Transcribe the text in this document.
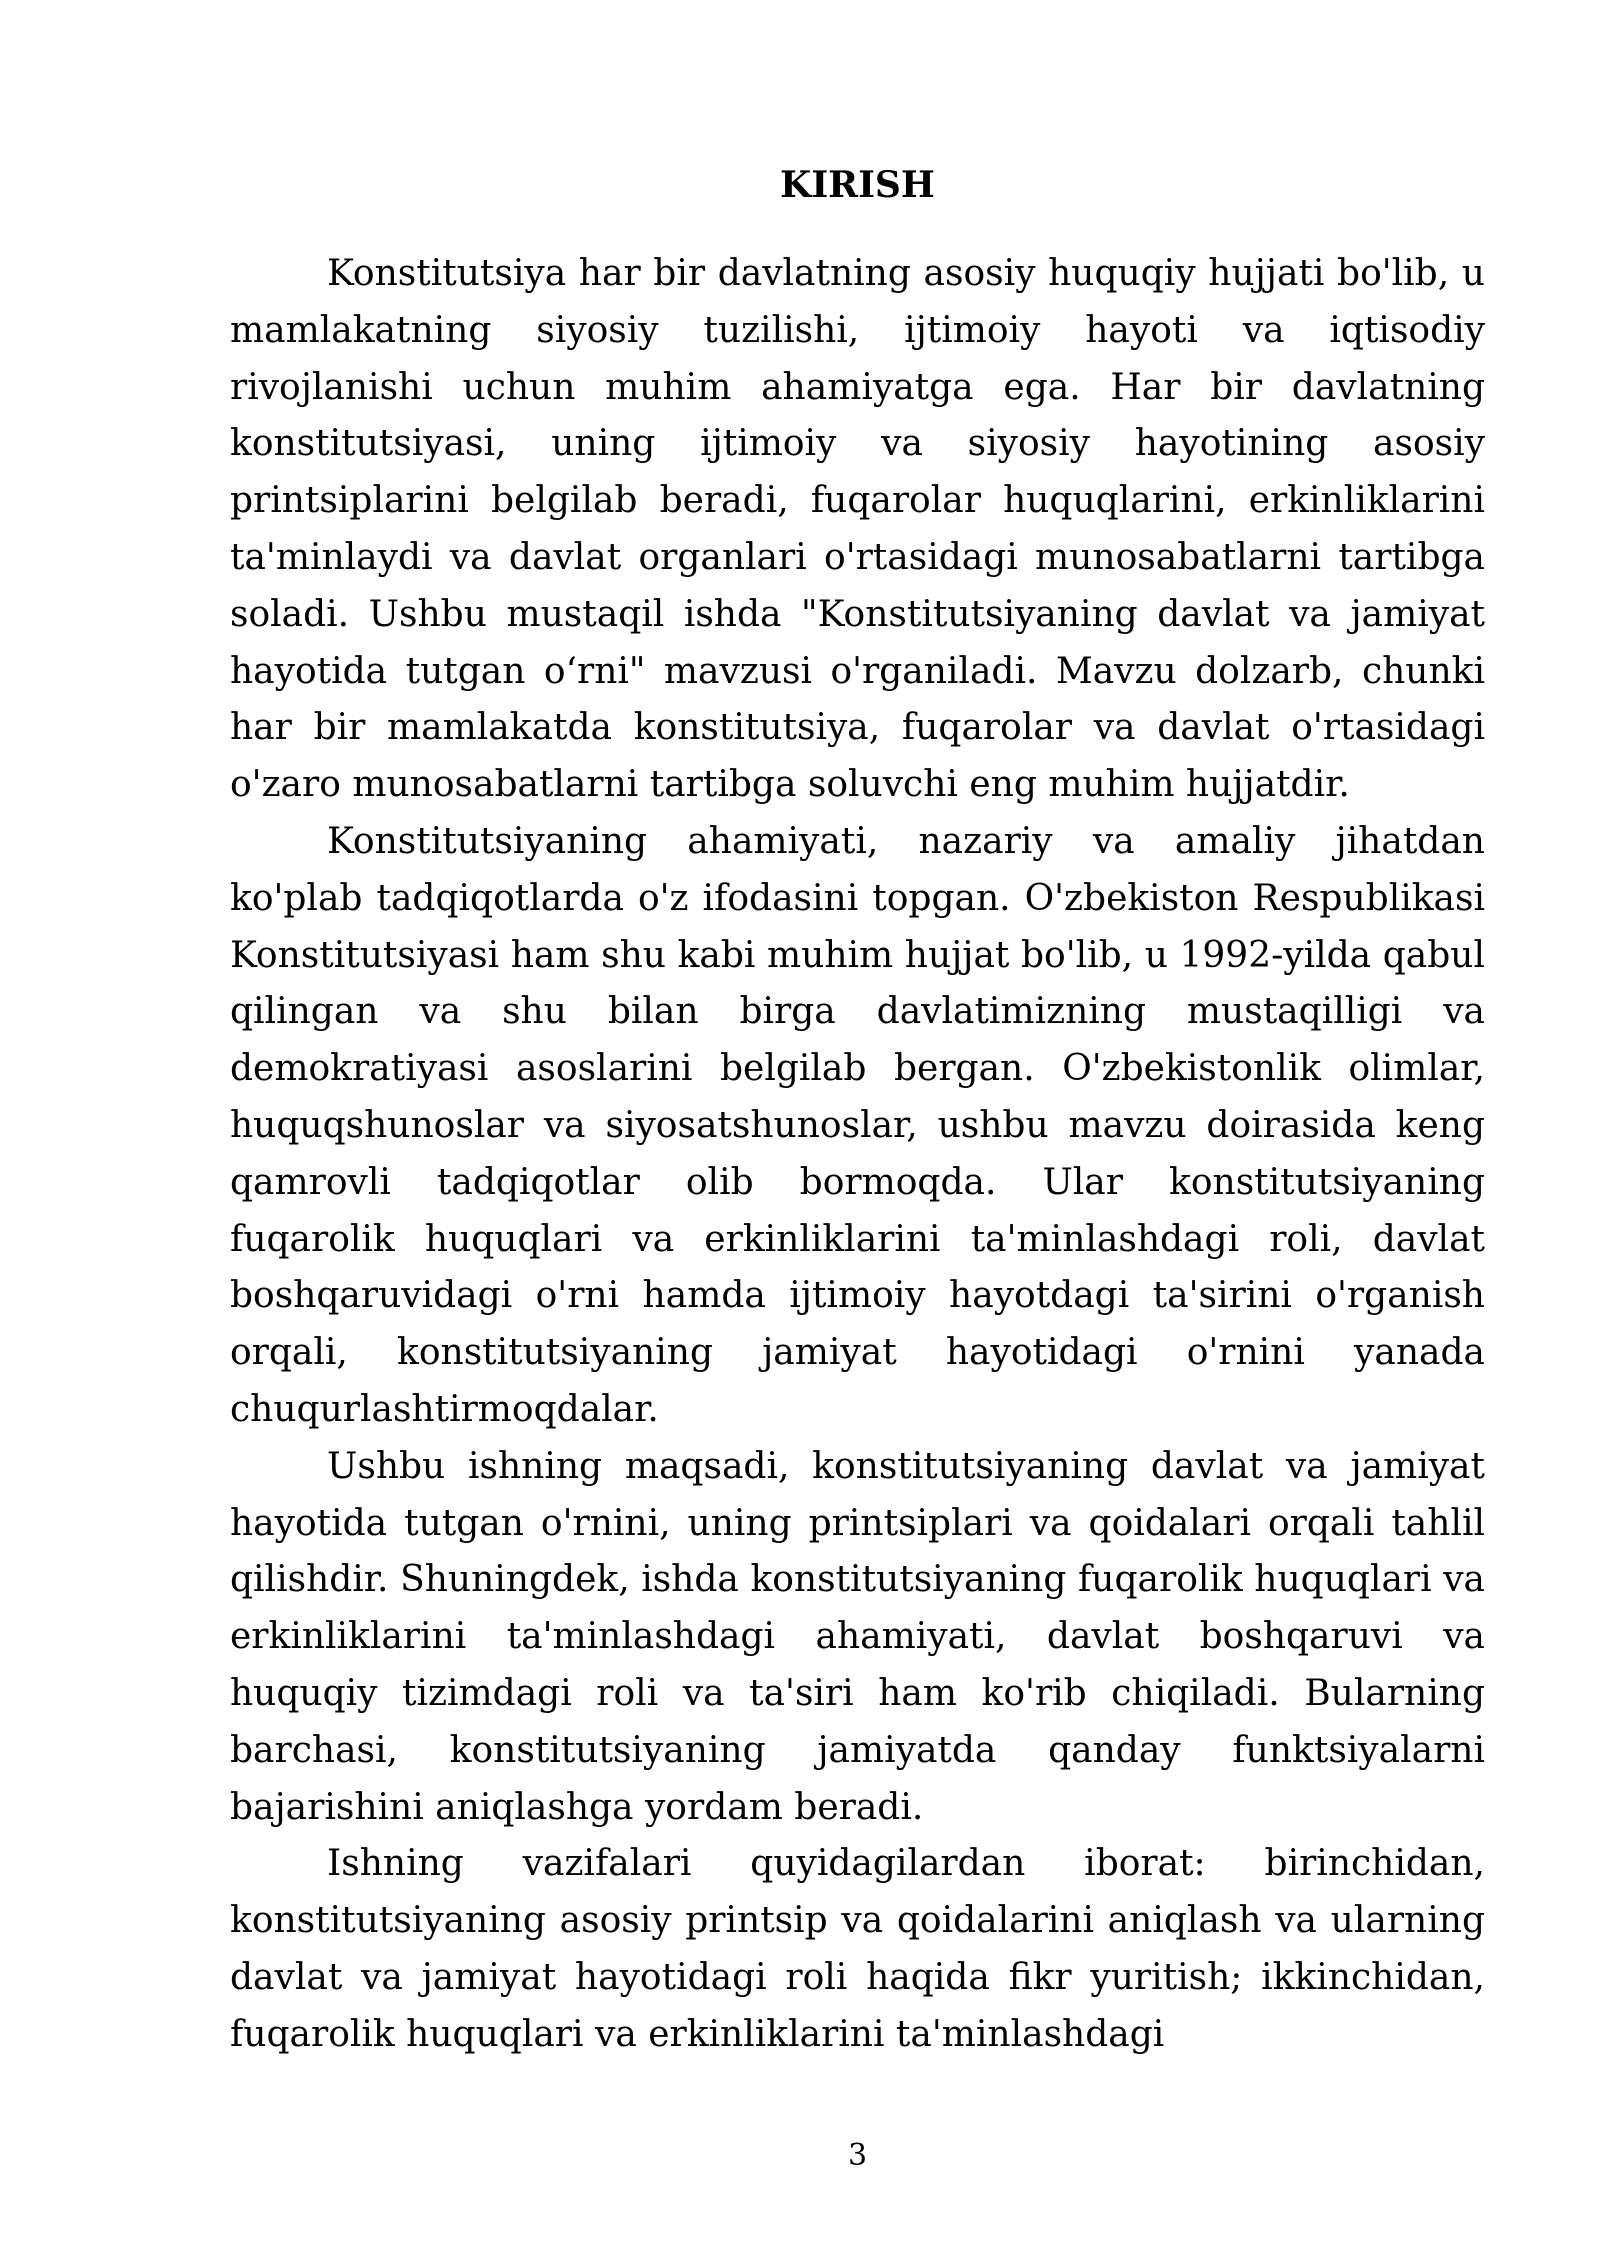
KIRISH

Konstitutsiya har bir davlatning asosiy huquqiy hujjati bo'lib, u mamlakatning siyosiy tuzilishi, ijtimoiy hayoti va iqtisodiy rivojlanishi uchun muhim ahamiyatga ega. Har bir davlatning konstitutsiyasi, uning ijtimoiy va siyosiy hayotining asosiy printsiplarini belgilab beradi, fuqarolar huquqlarini, erkinliklarini ta'minlaydi va davlat organlari o'rtasidagi munosabatlarni tartibga soladi. Ushbu mustaqil ishda "Konstitutsiyaning davlat va jamiyat hayotida tutgan o‘rni" mavzusi o'rganiladi. Mavzu dolzarb, chunki har bir mamlakatda konstitutsiya, fuqarolar va davlat o'rtasidagi o'zaro munosabatlarni tartibga soluvchi eng muhim hujjatdir.

Konstitutsiyaning ahamiyati, nazariy va amaliy jihatdan ko'plab tadqiqotlarda o'z ifodasini topgan. O'zbekiston Respublikasi Konstitutsiyasi ham shu kabi muhim hujjat bo'lib, u 1992-yilda qabul qilingan va shu bilan birga davlatimizning mustaqilligi va demokratiyasi asoslarini belgilab bergan. O'zbekistonlik olimlar, huquqshunoslar va siyosatshunoslar, ushbu mavzu doirasida keng qamrovli tadqiqotlar olib bormoqda. Ular konstitutsiyaning fuqarolik huquqlari va erkinliklarini ta'minlashdagi roli, davlat boshqaruvidagi o'rni hamda ijtimoiy hayotdagi ta'sirini o'rganish orqali, konstitutsiyaning jamiyat hayotidagi o'rnini yanada chuqurlashtirmoqdalar.

Ushbu ishning maqsadi, konstitutsiyaning davlat va jamiyat hayotida tutgan o'rnini, uning printsiplari va qoidalari orqali tahlil qilishdir. Shuningdek, ishda konstitutsiyaning fuqarolik huquqlari va erkinliklarini ta'minlashdagi ahamiyati, davlat boshqaruvi va huquqiy tizimdagi roli va ta'siri ham ko'rib chiqiladi. Bularning barchasi, konstitutsiyaning jamiyatda qanday funktsiyalarni bajarishini aniqlashga yordam beradi.

Ishning vazifalari quyidagilardan iborat: birinchidan, konstitutsiyaning asosiy printsip va qoidalarini aniqlash va ularning davlat va jamiyat hayotidagi roli haqida fikr yuritish; ikkinchidan, fuqarolik huquqlari va erkinliklarini ta'minlashdagi

3
